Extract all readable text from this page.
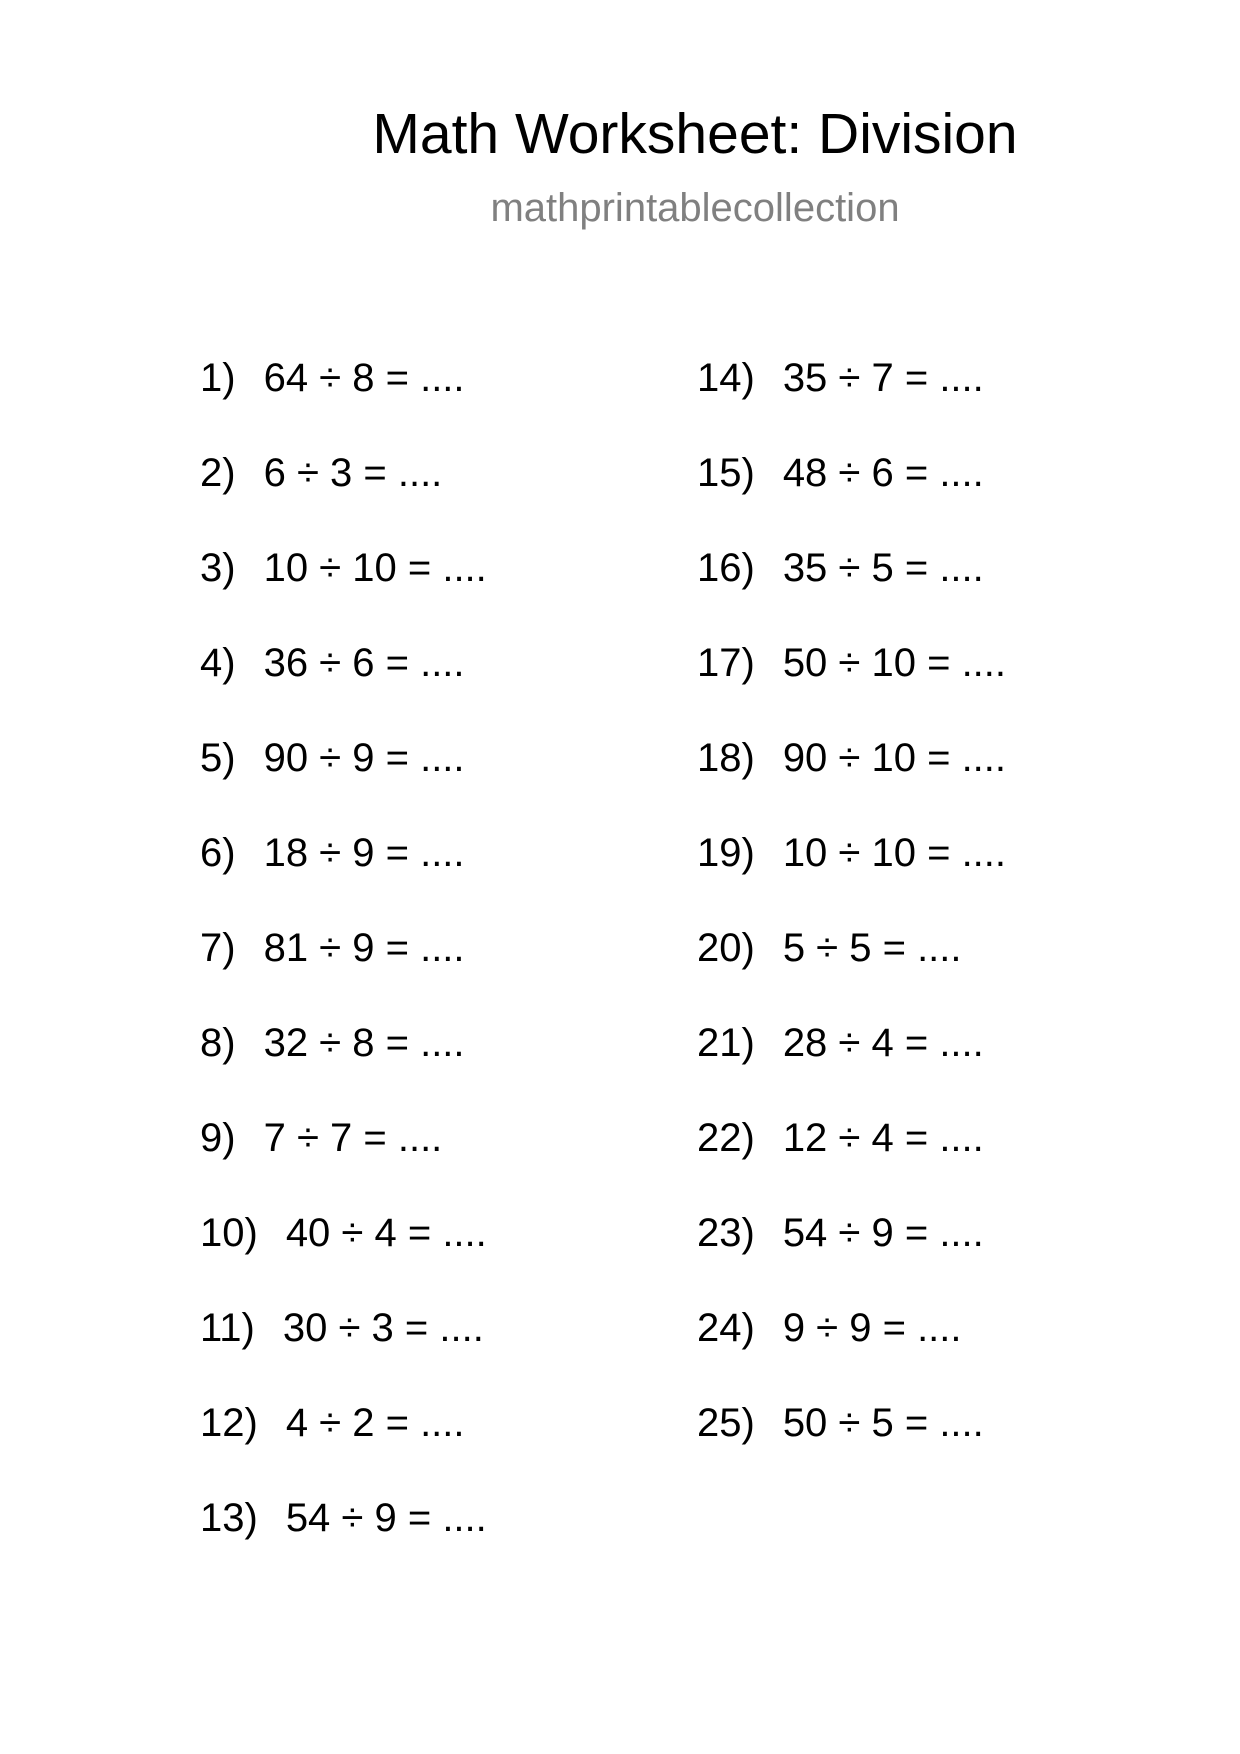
Math Worksheet: Division
mathprintablecollection
1) 64 ÷ 8 = ....
2) 6 ÷ 3 = ....
3) 10 ÷ 10 = ....
4) 36 ÷ 6 = ....
5) 90 ÷ 9 = ....
6) 18 ÷ 9 = ....
7) 81 ÷ 9 = ....
8) 32 ÷ 8 = ....
9) 7 ÷ 7 = ....
10) 40 ÷ 4 = ....
11) 30 ÷ 3 = ....
12) 4 ÷ 2 = ....
13) 54 ÷ 9 = ....
14) 35 ÷ 7 = ....
15) 48 ÷ 6 = ....
16) 35 ÷ 5 = ....
17) 50 ÷ 10 = ....
18) 90 ÷ 10 = ....
19) 10 ÷ 10 = ....
20) 5 ÷ 5 = ....
21) 28 ÷ 4 = ....
22) 12 ÷ 4 = ....
23) 54 ÷ 9 = ....
24) 9 ÷ 9 = ....
25) 50 ÷ 5 = ....
